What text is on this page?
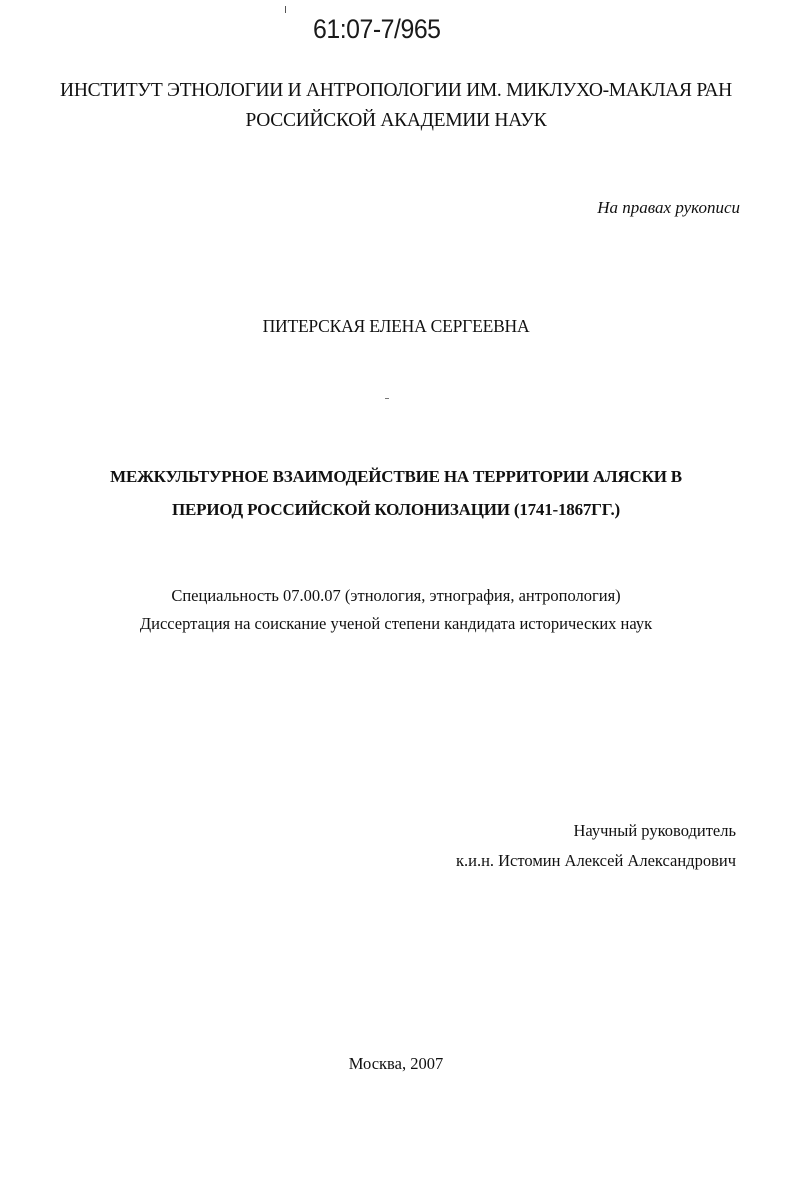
61:07-7/965
ИНСТИТУТ ЭТНОЛОГИИ И АНТРОПОЛОГИИ ИМ. МИКЛУХО-МАКЛАЯ РАН
РОССИЙСКОЙ АКАДЕМИИ НАУК
На правах рукописи
ПИТЕРСКАЯ ЕЛЕНА СЕРГЕЕВНА
МЕЖКУЛЬТУРНОЕ ВЗАИМОДЕЙСТВИЕ НА ТЕРРИТОРИИ АЛЯСКИ В
ПЕРИОД РОССИЙСКОЙ КОЛОНИЗАЦИИ (1741-1867ГГ.)
Специальность 07.00.07 (этнология, этнография, антропология)
Диссертация на соискание ученой степени кандидата исторических наук
Научный руководитель
к.и.н. Истомин Алексей Александрович
Москва, 2007
